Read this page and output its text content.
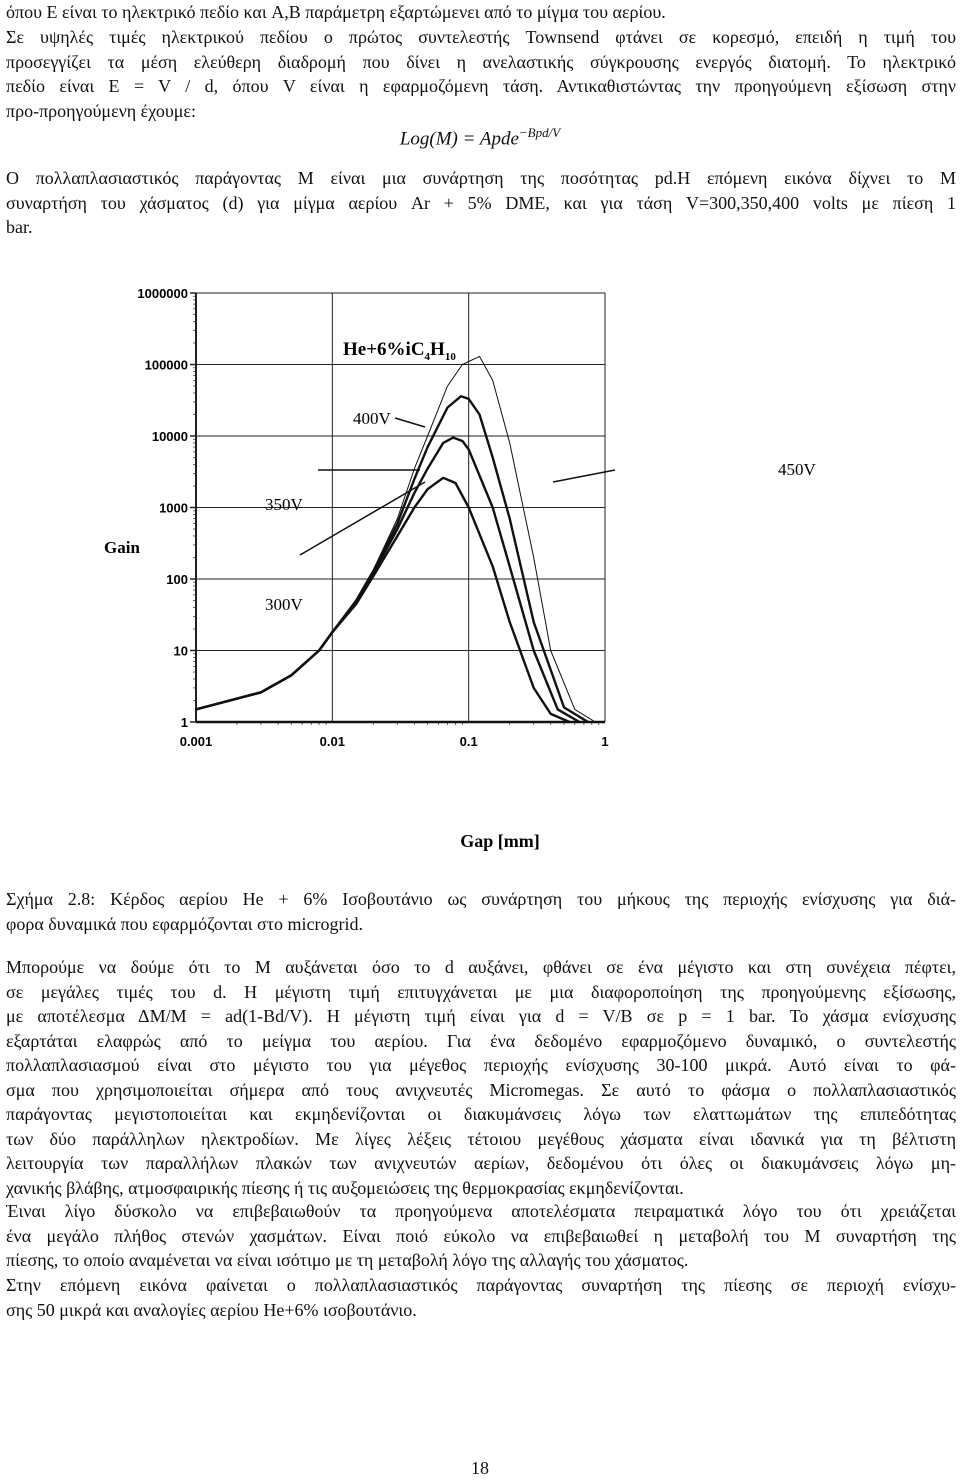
όπου E είναι το ηλεκτρικό πεδίο και A,B παράμετρη εξαρτώμενει από το μίγμα του αερίου.
Σε υψηλές τιμές ηλεκτρικού πεδίου ο πρώτος συντελεστής Townsend φτάνει σε κορεσμό, επειδή η τιμή του
προσεγγίζει τα μέση ελεύθερη διαδρομή που δίνει η ανελαστικής σύγκρουσης ενεργός διατομή. Το ηλεκτρικό
πεδίο είναι E = V / d, όπου V είναι η εφαρμοζόμενη τάση. Αντικαθιστώντας την προηγούμενη εξίσωση στην
προ-προηγούμενη έχουμε:
Ο πολλαπλασιαστικός παράγοντας M είναι μια συνάρτηση της ποσότητας pd.H επόμενη εικόνα δίχνει το M
συναρτήση του χάσματος (d) για μίγμα αερίου Ar + 5% DME, και για τάση V=300,350,400 volts με πίεση 1
bar.
Σχήμα 2.8: Κέρδος αερίου He + 6% Ισοβουτάνιο ως συνάρτηση του μήκους της περιοχής ενίσχυσης για διά-
φορα δυναμικά που εφαρμόζονται στο microgrid.
Μπορούμε να δούμε ότι το M αυξάνεται όσο το d αυξάνει, φθάνει σε ένα μέγιστο και στη συνέχεια πέφτει,
σε μεγάλες τιμές του d. Η μέγιστη τιμή επιτυγχάνεται με μια διαφοροποίηση της προηγούμενης εξίσωσης,
με αποτέλεσμα ΔM/M = ad(1-Bd/V). Η μέγιστη τιμή είναι για d = V/B σε p = 1 bar. Το χάσμα ενίσχυσης
εξαρτάται ελαφρώς από το μείγμα του αερίου. Για ένα δεδομένο εφαρμοζόμενο δυναμικό, ο συντελεστής
πολλαπλασιασμού είναι στο μέγιστο του για μέγεθος περιοχής ενίσχυσης 30-100 μικρά. Αυτό είναι το φά-
σμα που χρησιμοποιείται σήμερα από τους ανιχνευτές Micromegas. Σε αυτό το φάσμα ο πολλαπλασιαστικός
παράγοντας μεγιστοποιείται και εκμηδενίζονται οι διακυμάνσεις λόγω των ελαττωμάτων της επιπεδότητας
των δύο παράλληλων ηλεκτροδίων. Με λίγες λέξεις τέτοιου μεγέθους χάσματα είναι ιδανικά για τη βέλτιστη
λειτουργία των παραλλήλων πλακών των ανιχνευτών αερίων, δεδομένου ότι όλες οι διακυμάνσεις λόγω μη-
χανικής βλάβης, ατμοσφαιρικής πίεσης ή τις αυξομειώσεις της θερμοκρασίας εκμηδενίζονται.
Έιναι λίγο δύσκολο να επιβεβαιωθούν τα προηγούμενα αποτελέσματα πειραματικά λόγο του ότι χρειάζεται
ένα μεγάλο πλήθος στενών χασμάτων. Είναι ποιό εύκολο να επιβεβαιωθεί η μεταβολή του M συναρτήση της
πίεσης, το οποίο αναμένεται να είναι ισότιμο με τη μεταβολή λόγο της αλλαγής του χάσματος.
Στην επόμενη εικόνα φαίνεται ο πολλαπλασιαστικός παράγοντας συναρτήση της πίεσης σε περιοχή ενίσχυ-
σης 50 μικρά και αναλογίες αερίου He+6% ισοβουτάνιο.
Log(M) = Apde$^{-Bpd/V}$
1
10
100
1000
10000
100000
1000000
0.001	0.01	0.1	1
300V
350V
400V
450V
$He+6\%iC_4H_{10}$
Gain
Gap [mm]
18
